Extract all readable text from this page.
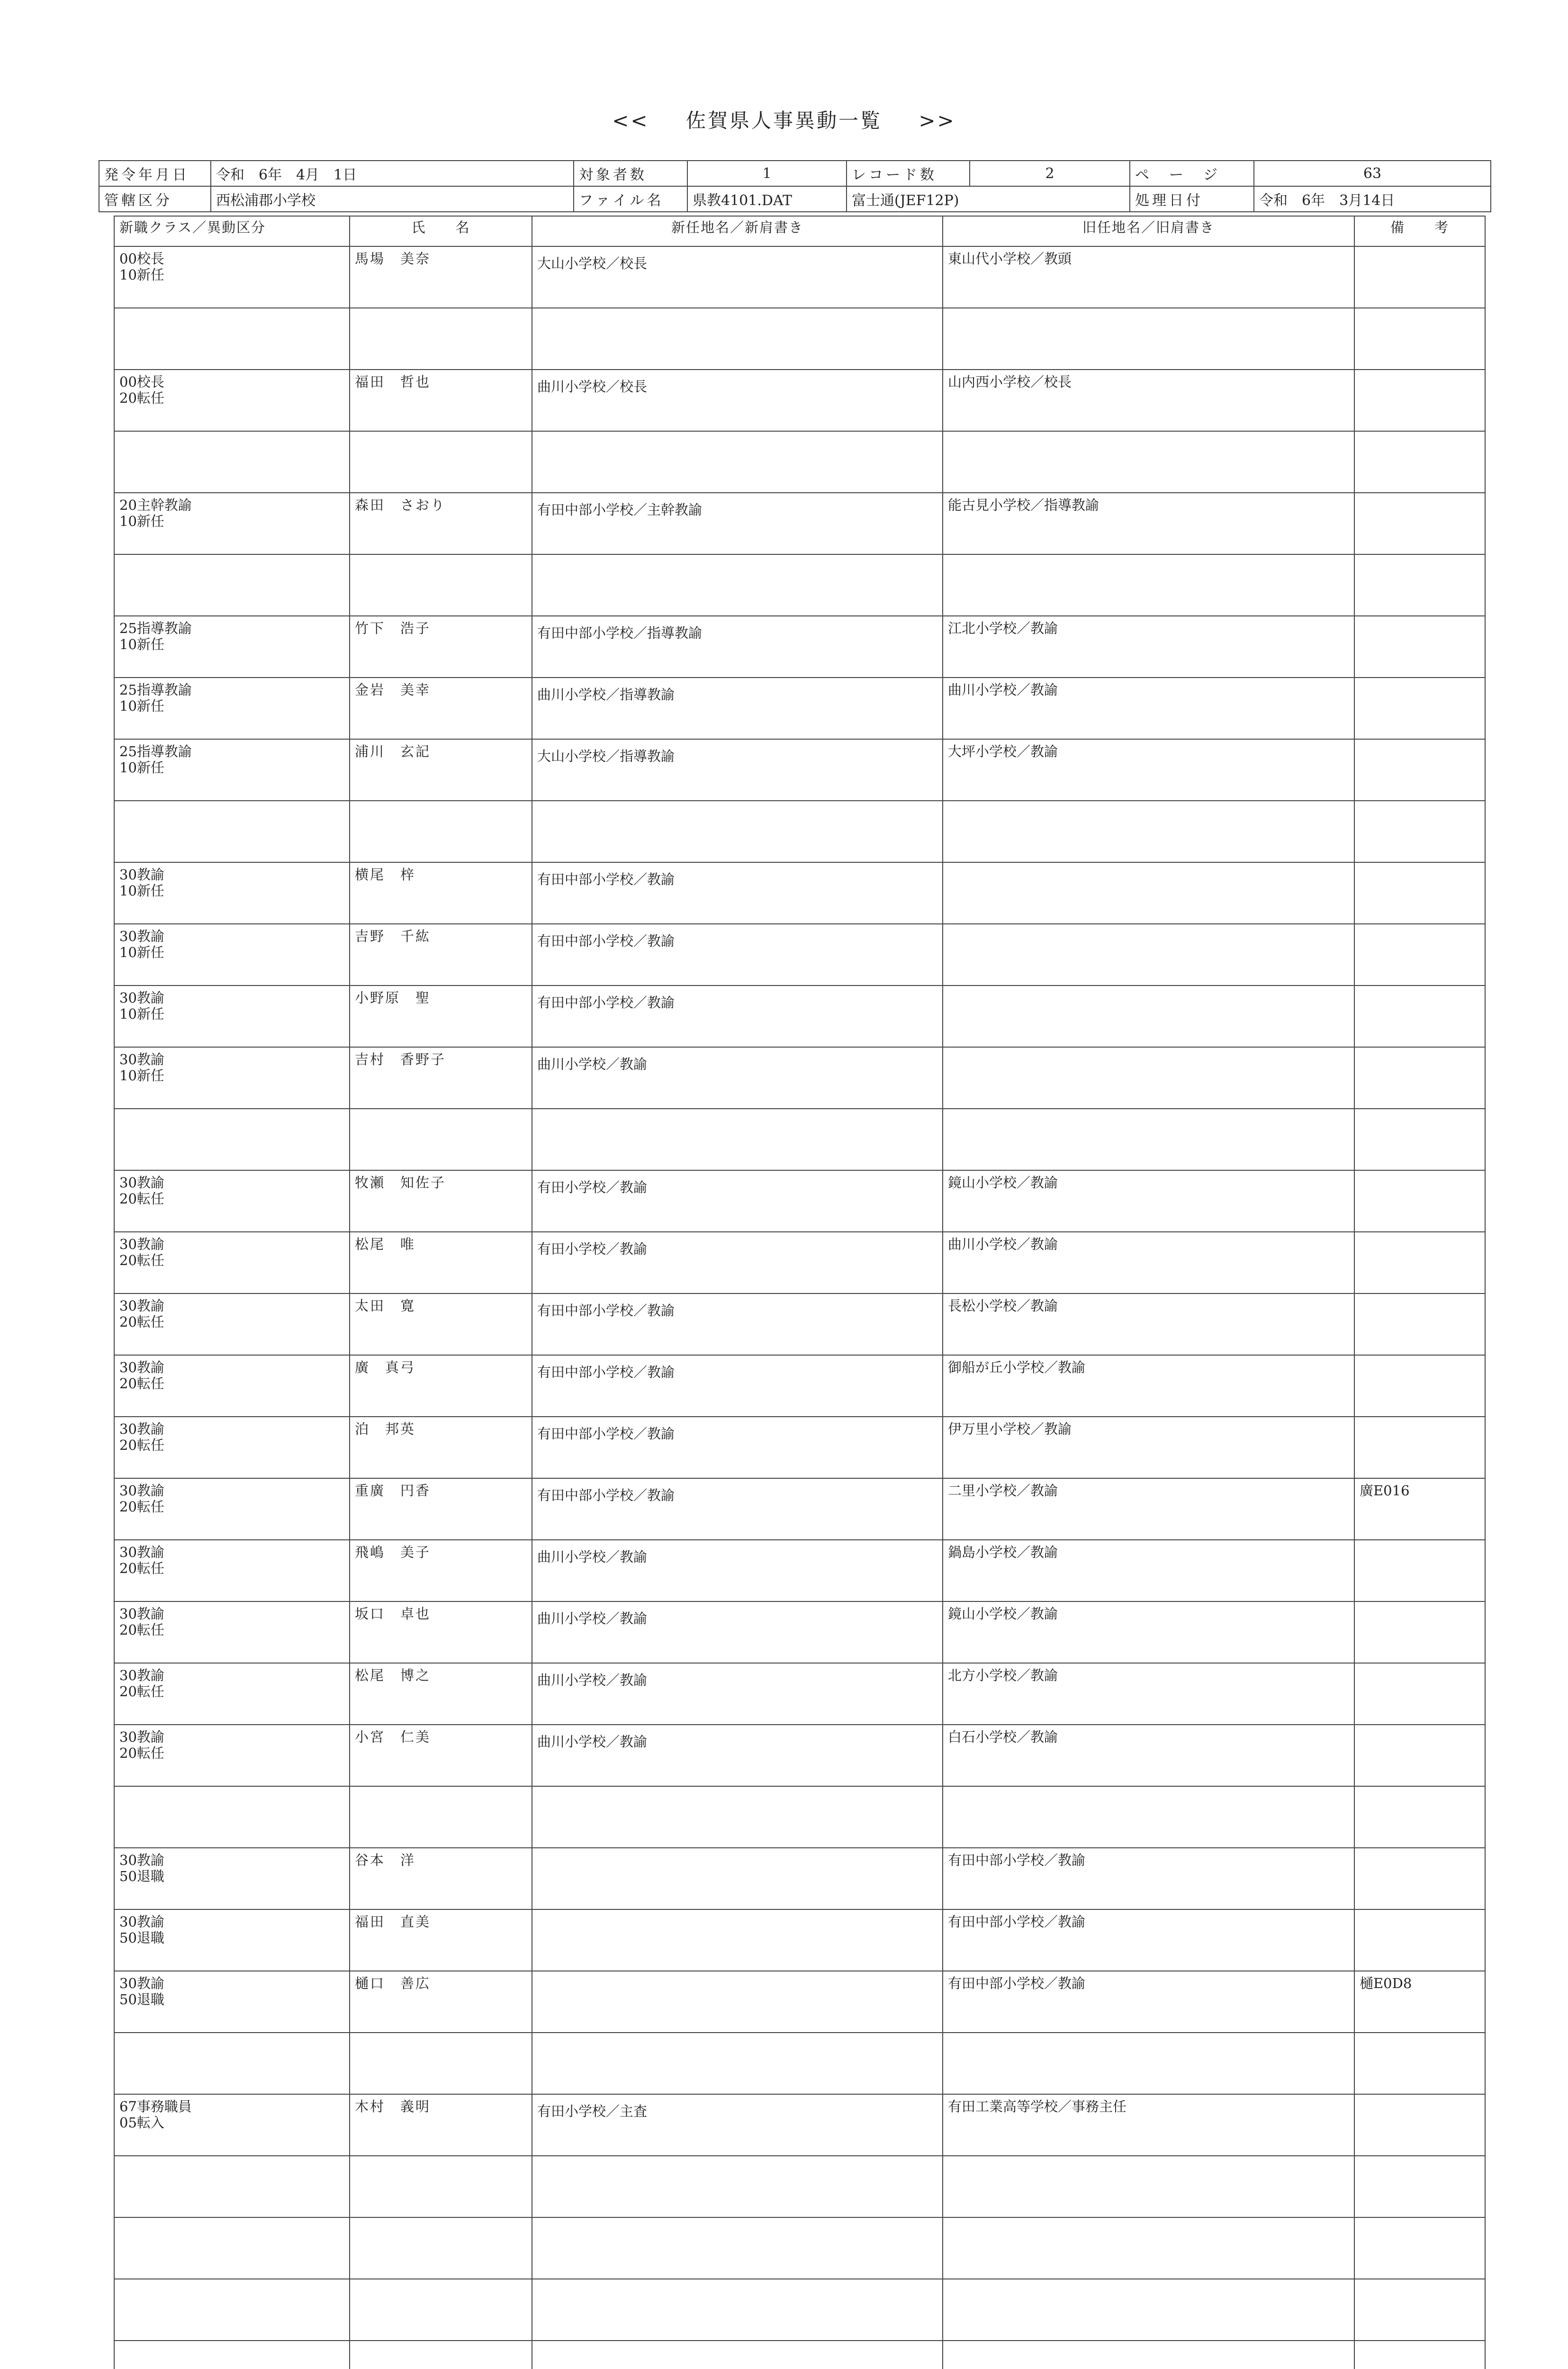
<< 佐賀県人事異動一覧 >>
発令年月日	令和　6年　4月　1日	対象者数	1	レコード数	2	ペ　ー　ジ	63
管轄区分	西松浦郡小学校	ファイル名	県教4101.DAT	富士通(JEF12P)		処理日付	令和　6年　3月14日
新職クラス／異動区分	氏　　名	新任地名／新肩書き	旧任地名／旧肩書き	備　　考

00校長
10新任	馬場　美奈	大山小学校／校長	東山代小学校／教頭	

00校長
20転任	福田　哲也	曲川小学校／校長	山内西小学校／校長	

20主幹教諭
10新任	森田　さおり	有田中部小学校／主幹教諭	能古見小学校／指導教諭	

25指導教諭
10新任	竹下　浩子	有田中部小学校／指導教諭	江北小学校／教諭	

25指導教諭
10新任	金岩　美幸	曲川小学校／指導教諭	曲川小学校／教諭	

25指導教諭
10新任	浦川　玄記	大山小学校／指導教諭	大坪小学校／教諭	

30教諭
10新任	横尾　梓	有田中部小学校／教諭		

30教諭
10新任	吉野　千紘	有田中部小学校／教諭		

30教諭
10新任	小野原　聖	有田中部小学校／教諭		

30教諭
10新任	吉村　香野子	曲川小学校／教諭		

30教諭
20転任	牧瀬　知佐子	有田小学校／教諭	鏡山小学校／教諭	

30教諭
20転任	松尾　唯	有田小学校／教諭	曲川小学校／教諭	

30教諭
20転任	太田　寛	有田中部小学校／教諭	長松小学校／教諭	

30教諭
20転任	廣　真弓	有田中部小学校／教諭	御船が丘小学校／教諭	

30教諭
20転任	泊　邦英	有田中部小学校／教諭	伊万里小学校／教諭	

30教諭
20転任	重廣　円香	有田中部小学校／教諭	二里小学校／教諭	廣E016

30教諭
20転任	飛嶋　美子	曲川小学校／教諭	鍋島小学校／教諭	

30教諭
20転任	坂口　卓也	曲川小学校／教諭	鏡山小学校／教諭	

30教諭
20転任	松尾　博之	曲川小学校／教諭	北方小学校／教諭	

30教諭
20転任	小宮　仁美	曲川小学校／教諭	白石小学校／教諭	

30教諭
50退職	谷本　洋		有田中部小学校／教諭	

30教諭
50退職	福田　直美		有田中部小学校／教諭	

30教諭
50退職	樋口　善広		有田中部小学校／教諭	樋E0D8

67事務職員
05転入	木村　義明	有田小学校／主査	有田工業高等学校／事務主任	
